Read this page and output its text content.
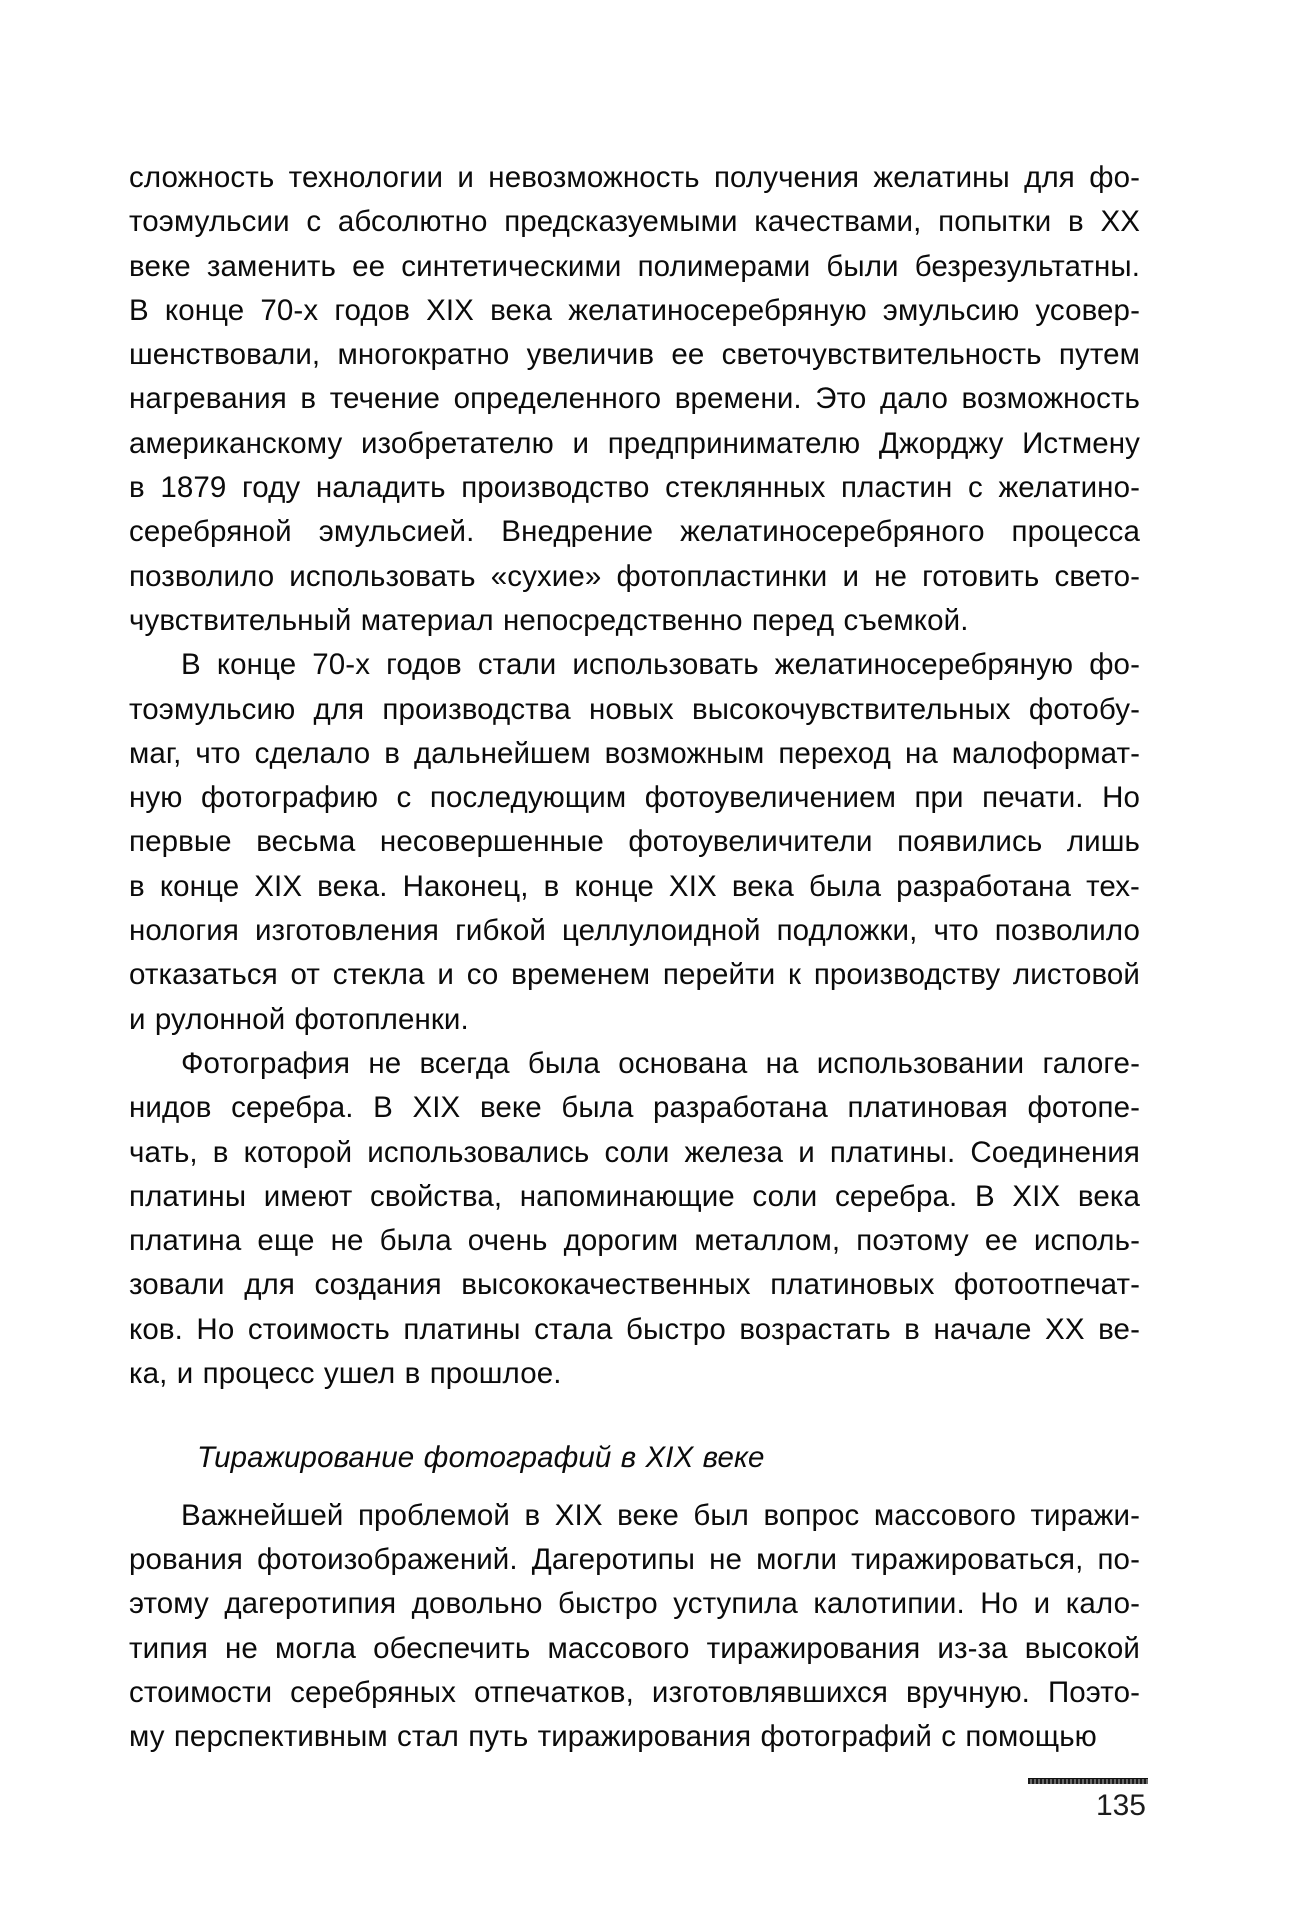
сложность технологии и невозможность получения желатины для фо-
тоэмульсии с абсолютно предсказуемыми качествами, попытки в XX
веке заменить ее синтетическими полимерами были безрезультатны.
В конце 70-х годов XIX века желатиносеребряную эмульсию усовер-
шенствовали, многократно увеличив ее светочувствительность путем
нагревания в течение определенного времени. Это дало возможность
американскому изобретателю и предпринимателю Джорджу Истмену
в 1879 году наладить производство стеклянных пластин с желатино-
серебряной эмульсией. Внедрение желатиносеребряного процесса
позволило использовать «сухие» фотопластинки и не готовить свето-
чувствительный материал непосредственно перед съемкой.
В конце 70-х годов стали использовать желатиносеребряную фо-
тоэмульсию для производства новых высокочувствительных фотобу-
маг, что сделало в дальнейшем возможным переход на малоформат-
ную фотографию с последующим фотоувеличением при печати. Но
первые весьма несовершенные фотоувеличители появились лишь
в конце XIX века. Наконец, в конце XIX века была разработана тех-
нология изготовления гибкой целлулоидной подложки, что позволило
отказаться от стекла и со временем перейти к производству листовой
и рулонной фотопленки.
Фотография не всегда была основана на использовании галоге-
нидов серебра. В XIX веке была разработана платиновая фотопе-
чать, в которой использовались соли железа и платины. Соединения
платины имеют свойства, напоминающие соли серебра. В XIX века
платина еще не была очень дорогим металлом, поэтому ее исполь-
зовали для создания высококачественных платиновых фотоотпечат-
ков. Но стоимость платины стала быстро возрастать в начале XX ве-
ка, и процесс ушел в прошлое.
Тиражирование фотографий в XIX веке
Важнейшей проблемой в XIX веке был вопрос массового тиражи-
рования фотоизображений. Дагеротипы не могли тиражироваться, по-
этому дагеротипия довольно быстро уступила калотипии. Но и кало-
типия не могла обеспечить массового тиражирования из-за высокой
стоимости серебряных отпечатков, изготовлявшихся вручную. Поэто-
му перспективным стал путь тиражирования фотографий с помощью
135
